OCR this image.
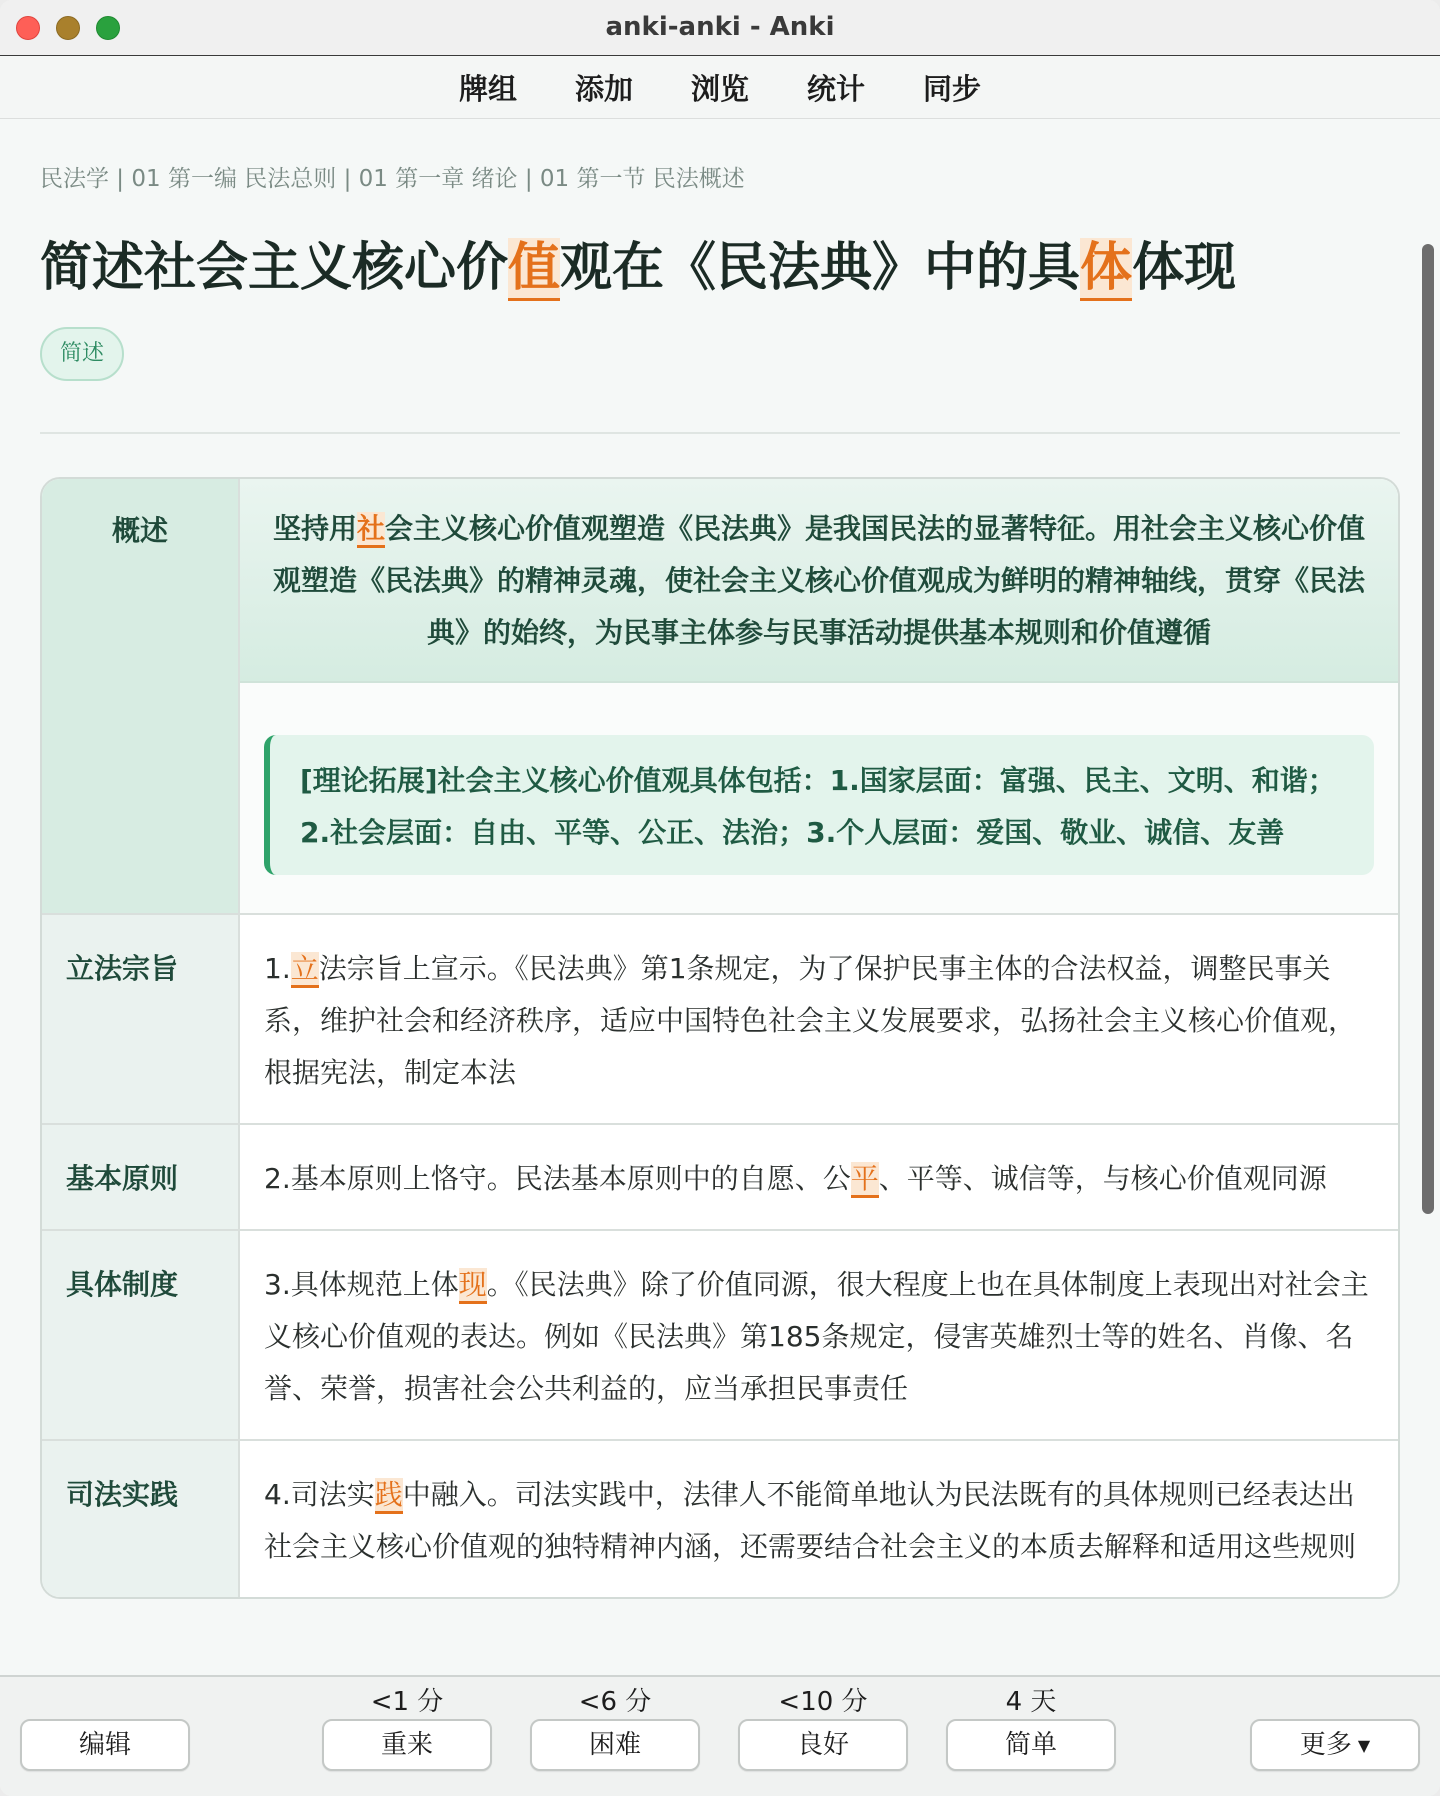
anki-anki - Anki
牌组 添加 浏览 统计 同步
民法学 | 01 第一编 民法总则 | 01 第一章 绪论 | 01 第一节 民法概述
简述社会主义核心价值观在《民法典》中的具体体现
简述
概述	坚持用社会主义核心价值观塑造《民法典》是我国民法的显著特征。用社会主义核心价值观塑造《民法典》的精神灵魂，使社会主义核心价值观成为鲜明的精神轴线，贯穿《民法典》的始终，为民事主体参与民事活动提供基本规则和价值遵循
[理论拓展]社会主义核心价值观具体包括：1.国家层面：富强、民主、文明、和谐；2.社会层面：自由、平等、公正、法治；3.个人层面：爱国、敬业、诚信、友善
立法宗旨	1.立法宗旨上宣示。《民法典》第1条规定，为了保护民事主体的合法权益，调整民事关系，维护社会和经济秩序，适应中国特色社会主义发展要求，弘扬社会主义核心价值观，根据宪法，制定本法
基本原则	2.基本原则上恪守。民法基本原则中的自愿、公平、平等、诚信等，与核心价值观同源
具体制度	3.具体规范上体现。《民法典》除了价值同源，很大程度上也在具体制度上表现出对社会主义核心价值观的表达。例如《民法典》第185条规定，侵害英雄烈士等的姓名、肖像、名誉、荣誉，损害社会公共利益的，应当承担民事责任
司法实践	4.司法实践中融入。司法实践中，法律人不能简单地认为民法既有的具体规则已经表达出社会主义核心价值观的独特精神内涵，还需要结合社会主义的本质去解释和适用这些规则
编辑
<1 分
重来
<6 分
困难
<10 分
良好
4 天
简单	更多 ▼
